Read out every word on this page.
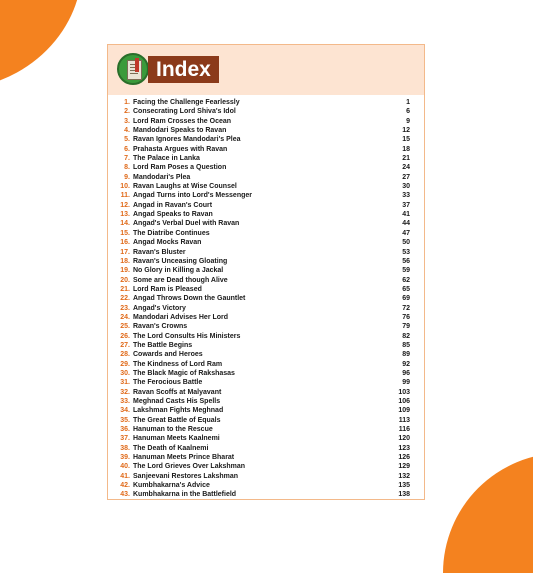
Index
1. Facing the Challenge Fearlessly	1
2. Consecrating Lord Shiva's Idol	6
3. Lord Ram Crosses the Ocean	9
4. Mandodari Speaks to Ravan	12
5. Ravan Ignores Mandodari's Plea	15
6. Prahasta Argues with Ravan	18
7. The Palace in Lanka	21
8. Lord Ram Poses a Question	24
9. Mandodari's Plea	27
10. Ravan Laughs at Wise Counsel	30
11. Angad Turns into Lord's Messenger	33
12. Angad in Ravan's Court	37
13. Angad Speaks to Ravan	41
14. Angad's Verbal Duel with Ravan	44
15. The Diatribe Continues	47
16. Angad Mocks Ravan	50
17. Ravan's Bluster	53
18. Ravan's Unceasing Gloating	56
19. No Glory in Killing a Jackal	59
20. Some are Dead though Alive	62
21. Lord Ram is Pleased	65
22. Angad Throws Down the Gauntlet	69
23. Angad's Victory	72
24. Mandodari Advises Her Lord	76
25. Ravan's Crowns	79
26. The Lord Consults His Ministers	82
27. The Battle Begins	85
28. Cowards and Heroes	89
29. The Kindness of Lord Ram	92
30. The Black Magic of Rakshasas	96
31. The Ferocious Battle	99
32. Ravan Scoffs at Malyavant	103
33. Meghnad Casts His Spells	106
34. Lakshman Fights Meghnad	109
35. The Great Battle of Equals	113
36. Hanuman to the Rescue	116
37. Hanuman Meets Kaalnemi	120
38. The Death of Kaalnemi	123
39. Hanuman Meets Prince Bharat	126
40. The Lord Grieves Over Lakshman	129
41. Sanjeevani Restores Lakshman	132
42. Kumbhakarna's Advice	135
43. Kumbhakarna in the Battlefield	138
